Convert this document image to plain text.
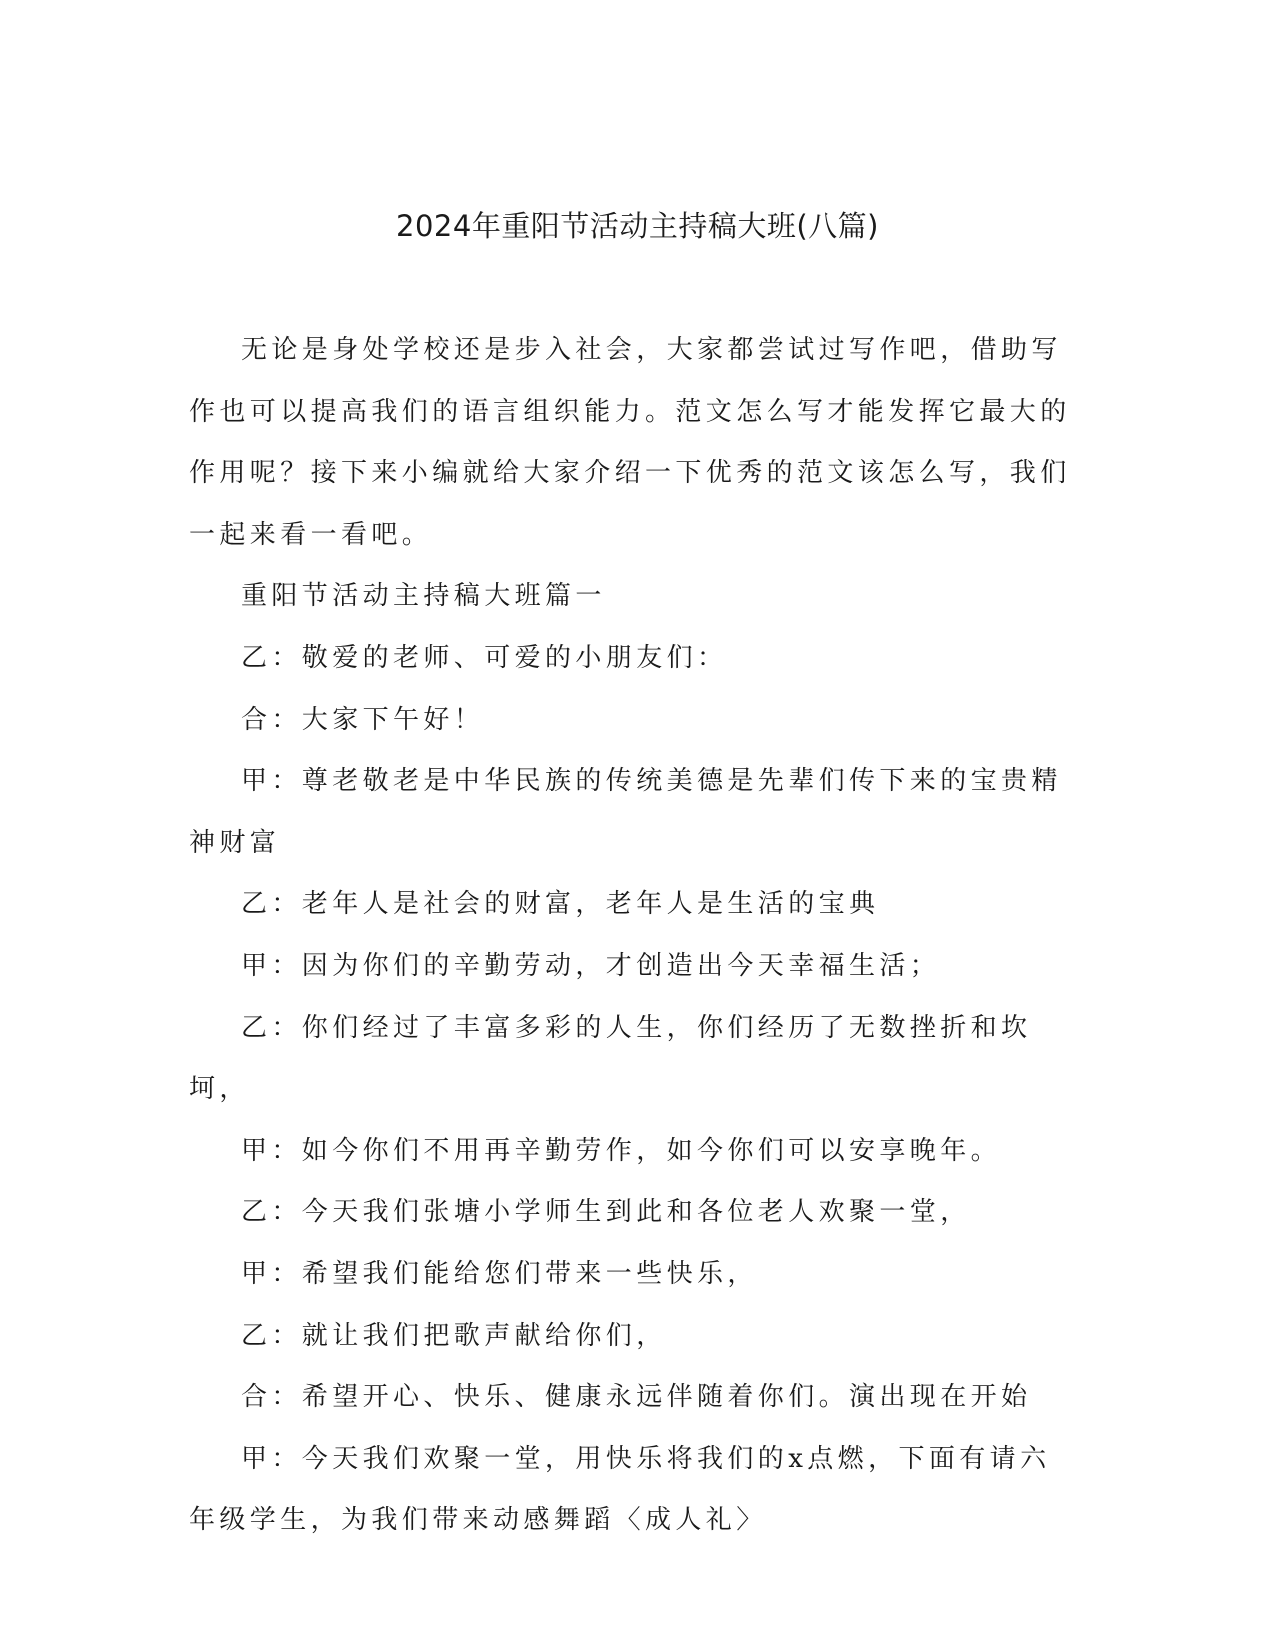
2024年重阳节活动主持稿大班(八篇)

无论是身处学校还是步入社会，大家都尝试过写作吧，借助写作也可以提高我们的语言组织能力。范文怎么写才能发挥它最大的作用呢？接下来小编就给大家介绍一下优秀的范文该怎么写，我们一起来看一看吧。

重阳节活动主持稿大班篇一

乙：敬爱的老师、可爱的小朋友们：

合：大家下午好！

甲：尊老敬老是中华民族的传统美德是先辈们传下来的宝贵精神财富

乙：老年人是社会的财富，老年人是生活的宝典

甲：因为你们的辛勤劳动，才创造出今天幸福生活；

乙：你们经过了丰富多彩的人生，你们经历了无数挫折和坎坷，

甲：如今你们不用再辛勤劳作，如今你们可以安享晚年。

乙：今天我们张塘小学师生到此和各位老人欢聚一堂，

甲：希望我们能给您们带来一些快乐，

乙：就让我们把歌声献给你们，

合：希望开心、快乐、健康永远伴随着你们。演出现在开始

甲：今天我们欢聚一堂，用快乐将我们的x点燃，下面有请六年级学生，为我们带来动感舞蹈〈成人礼〉
